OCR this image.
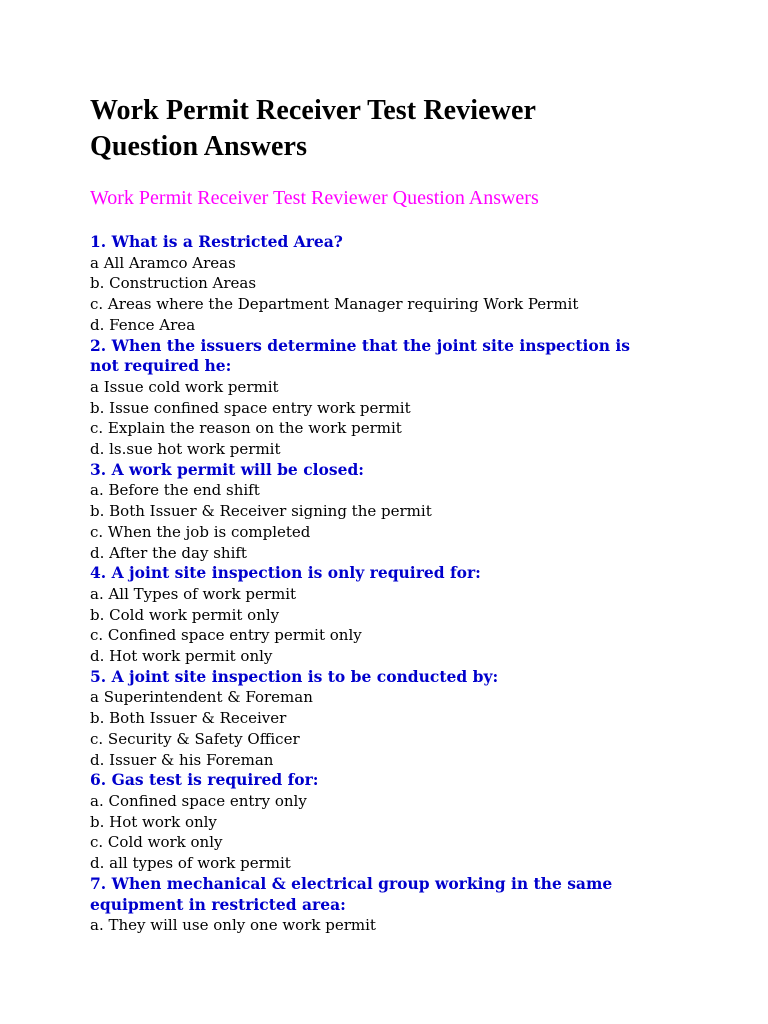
Work Permit Receiver Test Reviewer
Question Answers

Work Permit Receiver Test Reviewer Question Answers

1. What is a Restricted Area?

a All Aramco Areas

b. Construction Areas

c. Areas where the Department Manager requiring Work Permit

d. Fence Area

2. When the issuers determine that the joint site inspection is
not required he:

a Issue cold work permit

b. Issue confined space entry work permit

c. Explain the reason on the work permit

d. ls.sue hot work permit

3. A work permit will be closed:

a. Before the end shift

b. Both Issuer & Receiver signing the permit

c. When the job is completed

d. After the day shift

4. A joint site inspection is only required for:

a. All Types of work permit

b. Cold work permit only

c. Confined space entry permit only

d. Hot work permit only

5. A joint site inspection is to be conducted by:

a Superintendent & Foreman

b. Both Issuer & Receiver

c. Security & Safety Officer

d. Issuer & his Foreman

6. Gas test is required for:

a. Confined space entry only

b. Hot work only

c. Cold work only

d. all types of work permit

7. When mechanical & electrical group working in the same
equipment in restricted area:

a. They will use only one work permit
